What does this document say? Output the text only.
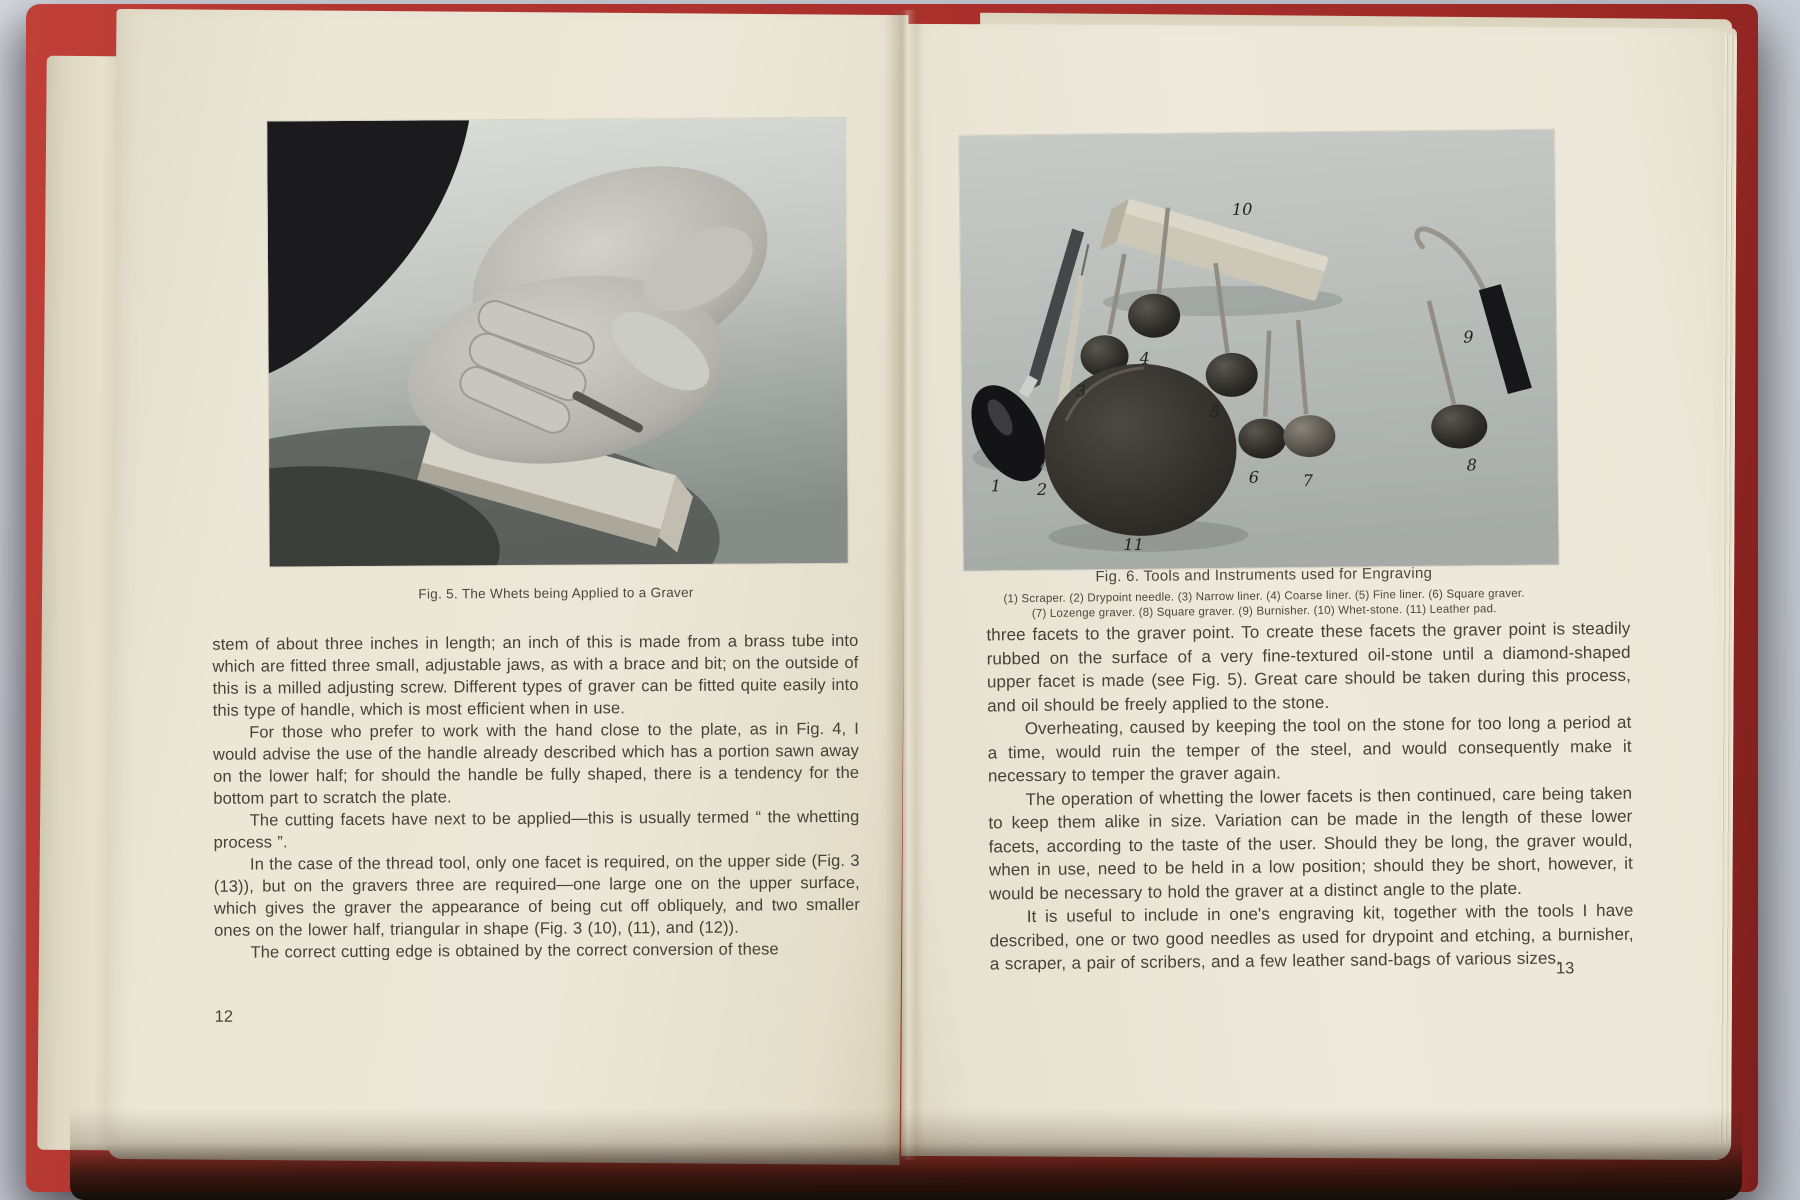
Fig. 5. The Whets being Applied to a Graver

stem of about three inches in length; an inch of this is made from a brass tube into which are fitted three small, adjustable jaws, as with a brace and bit; on the outside of this is a milled adjusting screw. Different types of graver can be fitted quite easily into this type of handle, which is most efficient when in use.

For those who prefer to work with the hand close to the plate, as in Fig. 4, I would advise the use of the handle already described which has a portion sawn away on the lower half; for should the handle be fully shaped, there is a tendency for the bottom part to scratch the plate.

The cutting facets have next to be applied—this is usually termed “ the whetting process ”.

In the case of the thread tool, only one facet is required, on the upper side (Fig. 3 (13)), but on the gravers three are required—one large one on the upper surface, which gives the graver the appearance of being cut off obliquely, and two smaller ones on the lower half, triangular in shape (Fig. 3 (10), (11), and (12)).

The correct cutting edge is obtained by the correct conversion of these

12
1 2
3
4
5
6	7
8
9
10
11
Fig. 6. Tools and Instruments used for Engraving
(1) Scraper. (2) Drypoint needle. (3) Narrow liner. (4) Coarse liner. (5) Fine liner. (6) Square graver.
(7) Lozenge graver. (8) Square graver. (9) Burnisher. (10) Whet-stone. (11) Leather pad.

three facets to the graver point. To create these facets the graver point is steadily rubbed on the surface of a very fine-textured oil-stone until a diamond-shaped upper facet is made (see Fig. 5). Great care should be taken during this process, and oil should be freely applied to the stone.

Overheating, caused by keeping the tool on the stone for too long a period at a time, would ruin the temper of the steel, and would consequently make it necessary to temper the graver again.

The operation of whetting the lower facets is then continued, care being taken to keep them alike in size. Variation can be made in the length of these lower facets, according to the taste of the user. Should they be long, the graver would, when in use, need to be held in a low position; should they be short, however, it would be necessary to hold the graver at a distinct angle to the plate.

It is useful to include in one's engraving kit, together with the tools I have described, one or two good needles as used for drypoint and etching, a burnisher, a scraper, a pair of scribers, and a few leather sand-bags of various sizes.

13
